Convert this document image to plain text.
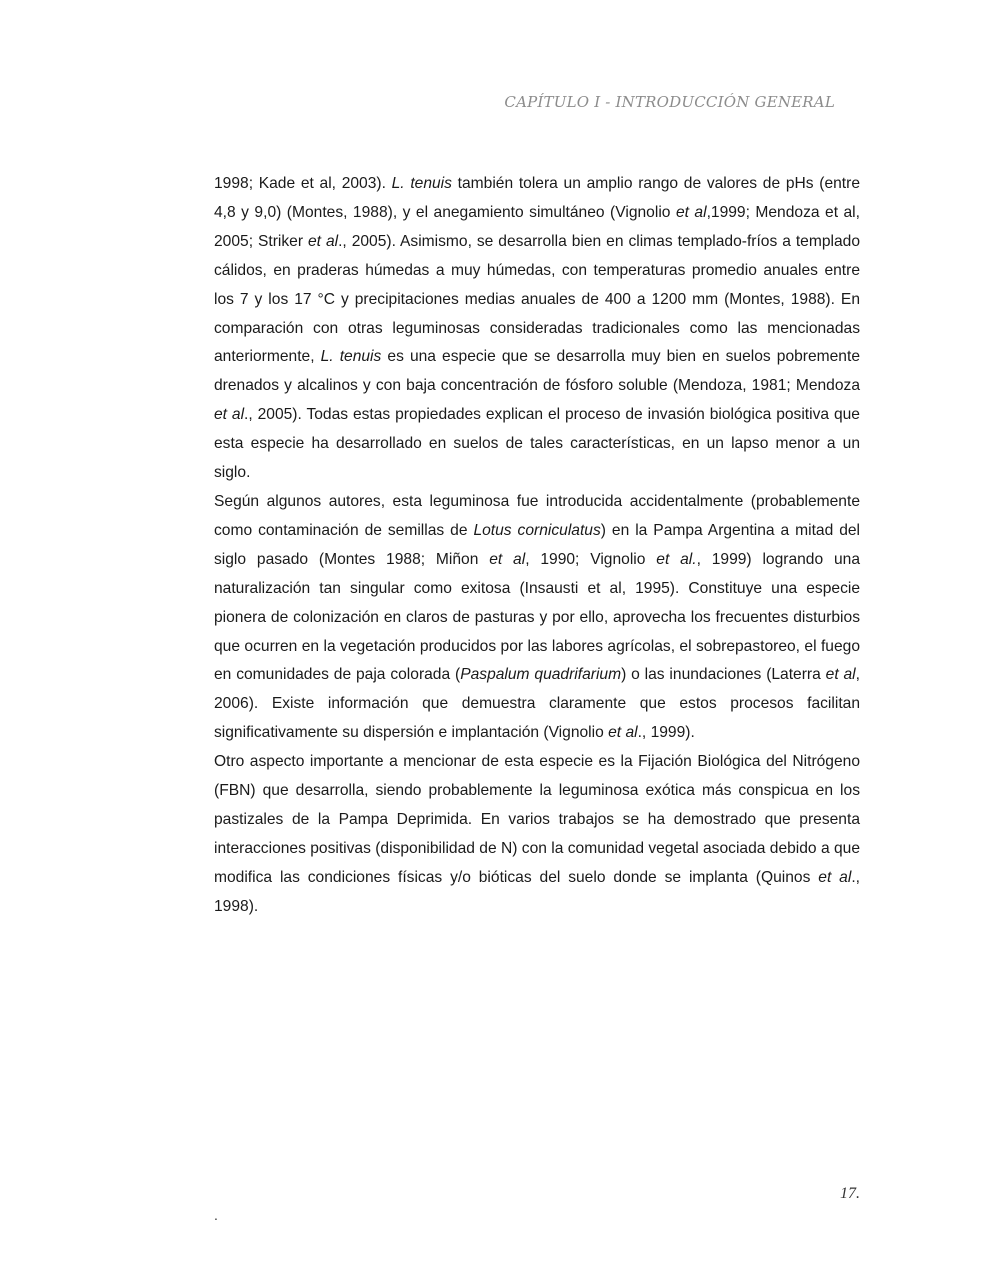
CAPÍTULO I - INTRODUCCIÓN GENERAL

1998; Kade et al, 2003). L. tenuis también tolera un amplio rango de valores de pHs (entre 4,8 y 9,0) (Montes, 1988), y el anegamiento simultáneo (Vignolio et al,1999; Mendoza et al, 2005; Striker et al., 2005). Asimismo, se desarrolla bien en climas templado-fríos a templado cálidos, en praderas húmedas a muy húmedas, con temperaturas promedio anuales entre los 7 y los 17 °C y precipitaciones medias anuales de 400 a 1200 mm (Montes, 1988). En comparación con otras leguminosas consideradas tradicionales como las mencionadas anteriormente, L. tenuis es una especie que se desarrolla muy bien en suelos pobremente drenados y alcalinos y con baja concentración de fósforo soluble (Mendoza, 1981; Mendoza et al., 2005). Todas estas propiedades explican el proceso de invasión biológica positiva que esta especie ha desarrollado en suelos de tales características, en un lapso menor a un siglo.

Según algunos autores, esta leguminosa fue introducida accidentalmente (probablemente como contaminación de semillas de Lotus corniculatus) en la Pampa Argentina a mitad del siglo pasado (Montes 1988; Miñon et al, 1990; Vignolio et al., 1999) logrando una naturalización tan singular como exitosa (Insausti et al, 1995). Constituye una especie pionera de colonización en claros de pasturas y por ello, aprovecha los frecuentes disturbios que ocurren en la vegetación producidos por las labores agrícolas, el sobrepastoreo, el fuego en comunidades de paja colorada (Paspalum quadrifarium) o las inundaciones (Laterra et al, 2006). Existe información que demuestra claramente que estos procesos facilitan significativamente su dispersión e implantación (Vignolio et al., 1999).

Otro aspecto importante a mencionar de esta especie es la Fijación Biológica del Nitrógeno (FBN) que desarrolla, siendo probablemente la leguminosa exótica más conspicua en los pastizales de la Pampa Deprimida. En varios trabajos se ha demostrado que presenta interacciones positivas (disponibilidad de N) con la comunidad vegetal asociada debido a que modifica las condiciones físicas y/o bióticas del suelo donde se implanta (Quinos et al., 1998).

17.
.
